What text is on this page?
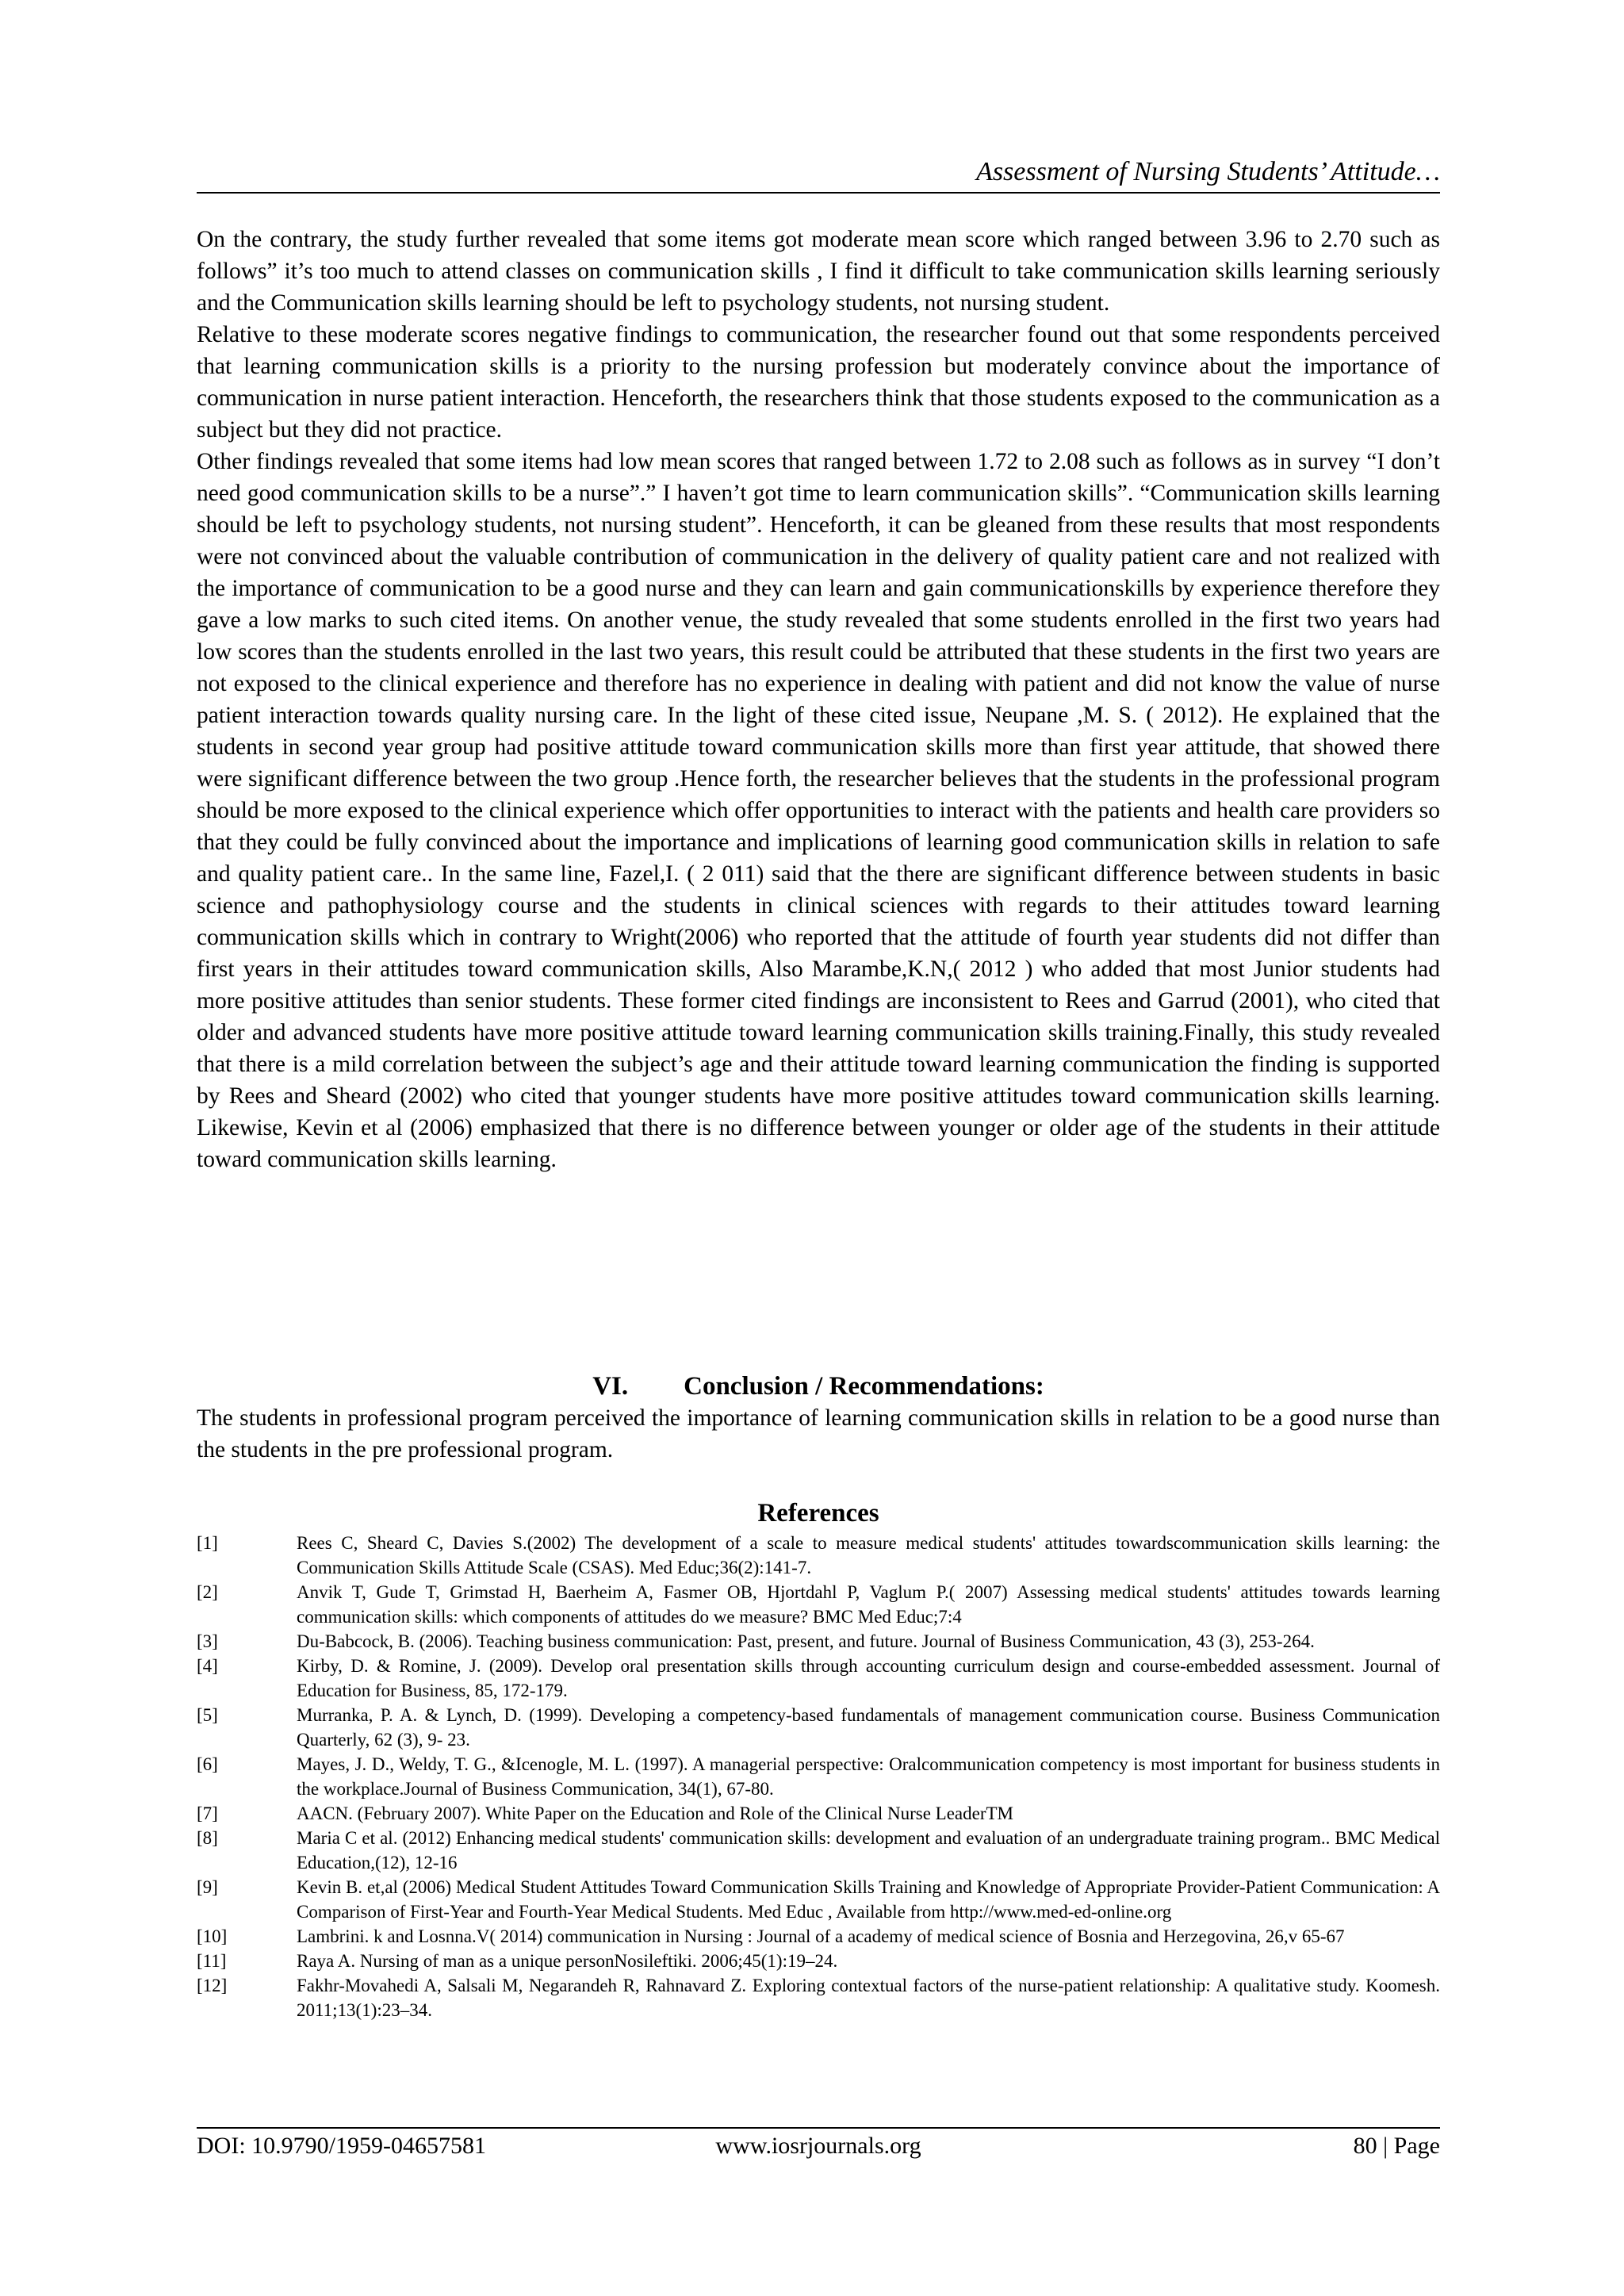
Assessment of Nursing Students’ Attitude…

On the contrary, the study further revealed that some items got moderate mean score which ranged between 3.96 to 2.70 such as follows” it’s too much to attend classes on communication skills , I find it difficult to take communication skills learning seriously and the Communication skills learning should be left to psychology students, not nursing student.

Relative to these moderate scores negative findings to communication, the researcher found out that some respondents perceived that learning communication skills is a priority to the nursing profession but moderately convince about the importance of communication in nurse patient interaction. Henceforth, the researchers think that those students exposed to the communication as a subject but they did not practice.

Other findings revealed that some items had low mean scores that ranged between 1.72 to 2.08 such as follows as in survey “I don’t need good communication skills to be a nurse”.” I haven’t got time to learn communication skills”. “Communication skills learning should be left to psychology students, not nursing student”. Henceforth, it can be gleaned from these results that most respondents were not convinced about the valuable contribution of communication in the delivery of quality patient care and not realized with the importance of communication to be a good nurse and they can learn and gain communicationskills by experience therefore they gave a low marks to such cited items. On another venue, the study revealed that some students enrolled in the first two years had low scores than the students enrolled in the last two years, this result could be attributed that these students in the first two years are not exposed to the clinical experience and therefore has no experience in dealing with patient and did not know the value of nurse patient interaction towards quality nursing care. In the light of these cited issue, Neupane ,M. S. ( 2012). He explained that the students in second year group had positive attitude toward communication skills more than first year attitude, that showed there were significant difference between the two group .Hence forth, the researcher believes that the students in the professional program should be more exposed to the clinical experience which offer opportunities to interact with the patients and health care providers so that they could be fully convinced about the importance and implications of learning good communication skills in relation to safe and quality patient care.. In the same line, Fazel,I. ( 2 011) said that the there are significant difference between students in basic science and pathophysiology course and the students in clinical sciences with regards to their attitudes toward learning communication skills which in contrary to Wright(2006) who reported that the attitude of fourth year students did not differ than first years in their attitudes toward communication skills, Also Marambe,K.N,( 2012 ) who added that most Junior students had more positive attitudes than senior students. These former cited findings are inconsistent to Rees and Garrud (2001), who cited that older and advanced students have more positive attitude toward learning communication skills training.Finally, this study revealed that there is a mild correlation between the subject’s age and their attitude toward learning communication the finding is supported by Rees and Sheard (2002) who cited that younger students have more positive attitudes toward communication skills learning. Likewise, Kevin et al (2006) emphasized that there is no difference between younger or older age of the students in their attitude toward communication skills learning.

VI. Conclusion / Recommendations:

The students in professional program perceived the importance of learning communication skills in relation to be a good nurse than the students in the pre professional program.

References
[1]	Rees C, Sheard C, Davies S.(2002) The development of a scale to measure medical students' attitudes towardscommunication skills learning: the Communication Skills Attitude Scale (CSAS). Med Educ;36(2):141-7.
[2]	Anvik T, Gude T, Grimstad H, Baerheim A, Fasmer OB, Hjortdahl P, Vaglum P.( 2007) Assessing medical students' attitudes towards learning communication skills: which components of attitudes do we measure? BMC Med Educ;7:4
[3]	Du-Babcock, B. (2006). Teaching business communication: Past, present, and future. Journal of Business Communication, 43 (3), 253-264.
[4]	Kirby, D. & Romine, J. (2009). Develop oral presentation skills through accounting curriculum design and course-embedded assessment. Journal of Education for Business, 85, 172-179.
[5]	Murranka, P. A. & Lynch, D. (1999). Developing a competency-based fundamentals of management communication course. Business Communication Quarterly, 62 (3), 9- 23.
[6]	Mayes, J. D., Weldy, T. G., &Icenogle, M. L. (1997). A managerial perspective: Oralcommunication competency is most important for business students in the workplace.Journal of Business Communication, 34(1), 67-80.
[7]	AACN. (February 2007). White Paper on the Education and Role of the Clinical Nurse LeaderTM
[8]	Maria C et al. (2012) Enhancing medical students' communication skills: development and evaluation of an undergraduate training program.. BMC Medical Education,(12), 12-16
[9]	Kevin B. et,al (2006) Medical Student Attitudes Toward Communication Skills Training and Knowledge of Appropriate Provider-Patient Communication: A Comparison of First-Year and Fourth-Year Medical Students. Med Educ , Available from http://www.med-ed-online.org
[10]	Lambrini. k and Losnna.V( 2014) communication in Nursing : Journal of a academy of medical science of Bosnia and Herzegovina, 26,v 65-67
[11]	Raya A. Nursing of man as a unique personNosileftiki. 2006;45(1):19–24.
[12]	Fakhr-Movahedi A, Salsali M, Negarandeh R, Rahnavard Z. Exploring contextual factors of the nurse-patient relationship: A qualitative study. Koomesh. 2011;13(1):23–34.
www.iosrjournals.org
DOI: 10.9790/1959-04657581	80 | Page
